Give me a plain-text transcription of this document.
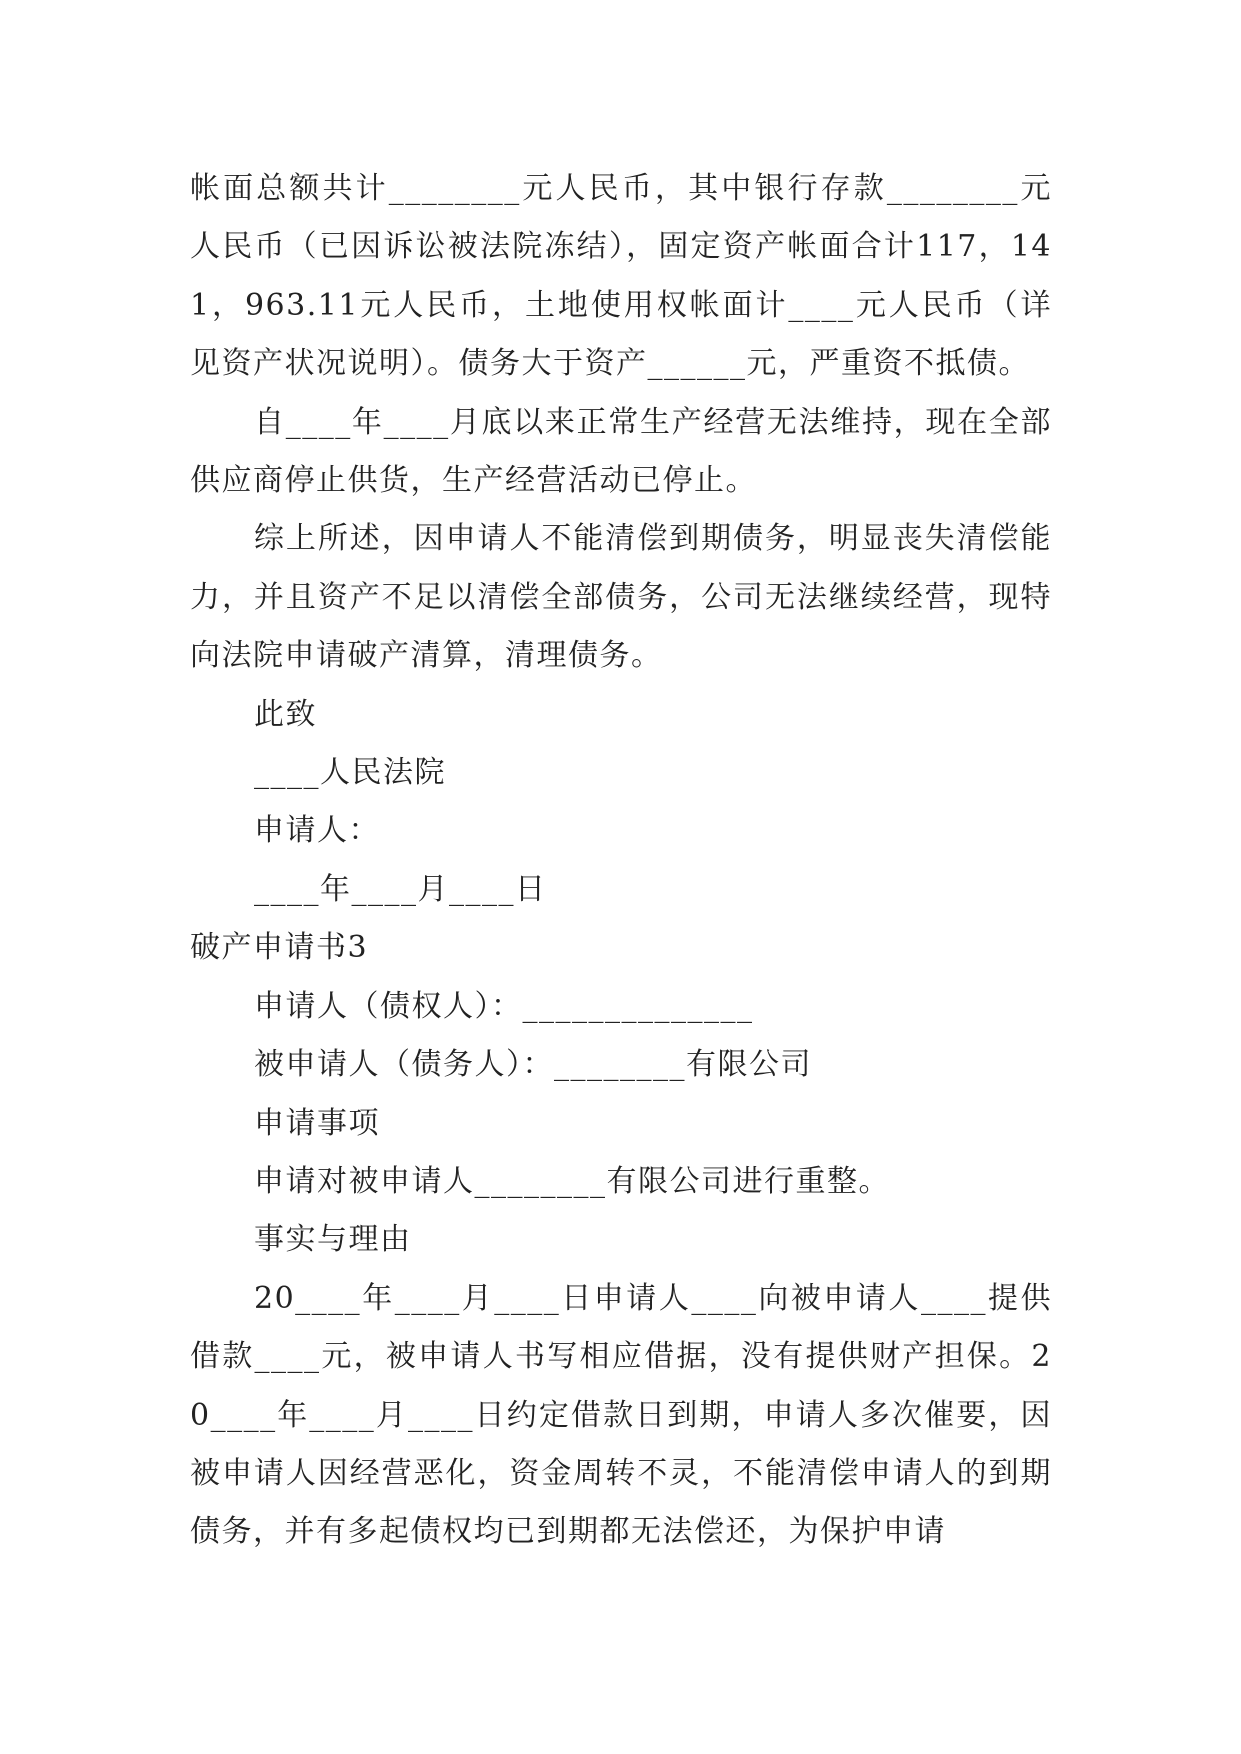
帐面总额共计________元人民币，其中银行存款________元人民币（已因诉讼被法院冻结），固定资产帐面合计117，141，963.11元人民币，土地使用权帐面计____元人民币（详见资产状况说明）。债务大于资产______元，严重资不抵债。

自____年____月底以来正常生产经营无法维持，现在全部供应商停止供货，生产经营活动已停止。

综上所述，因申请人不能清偿到期债务，明显丧失清偿能力，并且资产不足以清偿全部债务，公司无法继续经营，现特向法院申请破产清算，清理债务。

此致

____人民法院

申请人：

____年____月____日

破产申请书3

申请人（债权人）：______________

被申请人（债务人）：________有限公司

申请事项

申请对被申请人________有限公司进行重整。

事实与理由

20____年____月____日申请人____向被申请人____提供借款____元，被申请人书写相应借据，没有提供财产担保。20____年____月____日约定借款日到期，申请人多次催要，因被申请人因经营恶化，资金周转不灵，不能清偿申请人的到期债务，并有多起债权均已到期都无法偿还，为保护申请
